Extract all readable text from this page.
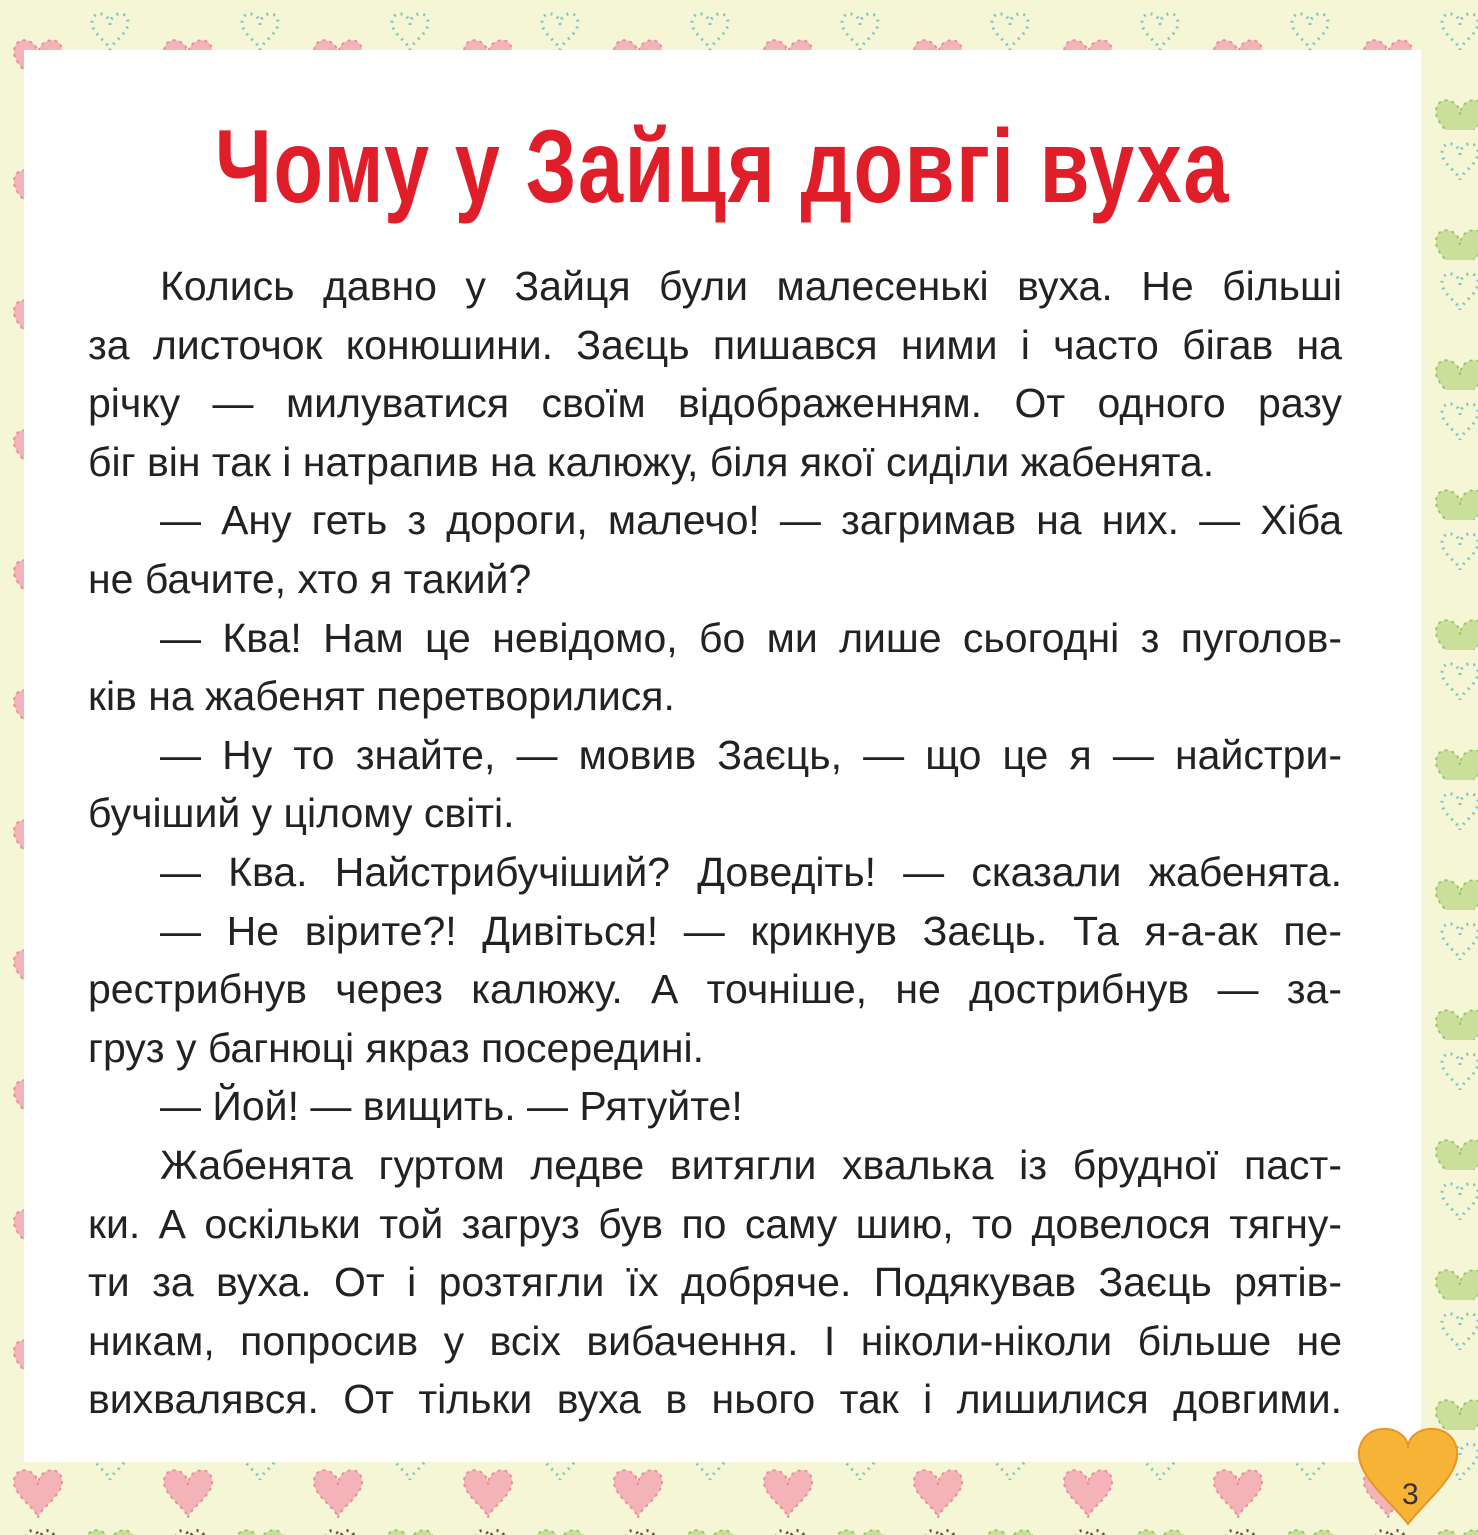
Чому у Зайця довгі вуха
Колись давно у Зайця були малесенькі вуха. Не більші
за листочок конюшини. Заєць пишався ними і часто бігав на
річку — милуватися своїм відображенням. От одного разу
біг він так і натрапив на калюжу, біля якої сиділи жабенята.
— Ану геть з дороги, малечо! — загримав на них. — Хіба
не бачите, хто я такий?
— Ква! Нам це невідомо, бо ми лише сьогодні з пуголов-
ків на жабенят перетворилися.
— Ну то знайте, — мовив Заєць, — що це я — найстри-
бучіший у цілому світі.
— Ква. Найстрибучіший? Доведіть! — сказали жабенята.
— Не вірите?! Дивіться! — крикнув Заєць. Та я-а-ак пе-
рестрибнув через калюжу. А точніше, не дострибнув — за-
груз у багнюці якраз посередині.
— Йой! — вищить. — Рятуйте!
Жабенята гуртом ледве витягли хвалька із брудної паст-
ки. А оскільки той загруз був по саму шию, то довелося тягну-
ти за вуха. От і розтягли їх добряче. Подякував Заєць рятів-
никам, попросив у всіх вибачення. І ніколи-ніколи більше не
вихвалявся. От тільки вуха в нього так і лишилися довгими.
3
